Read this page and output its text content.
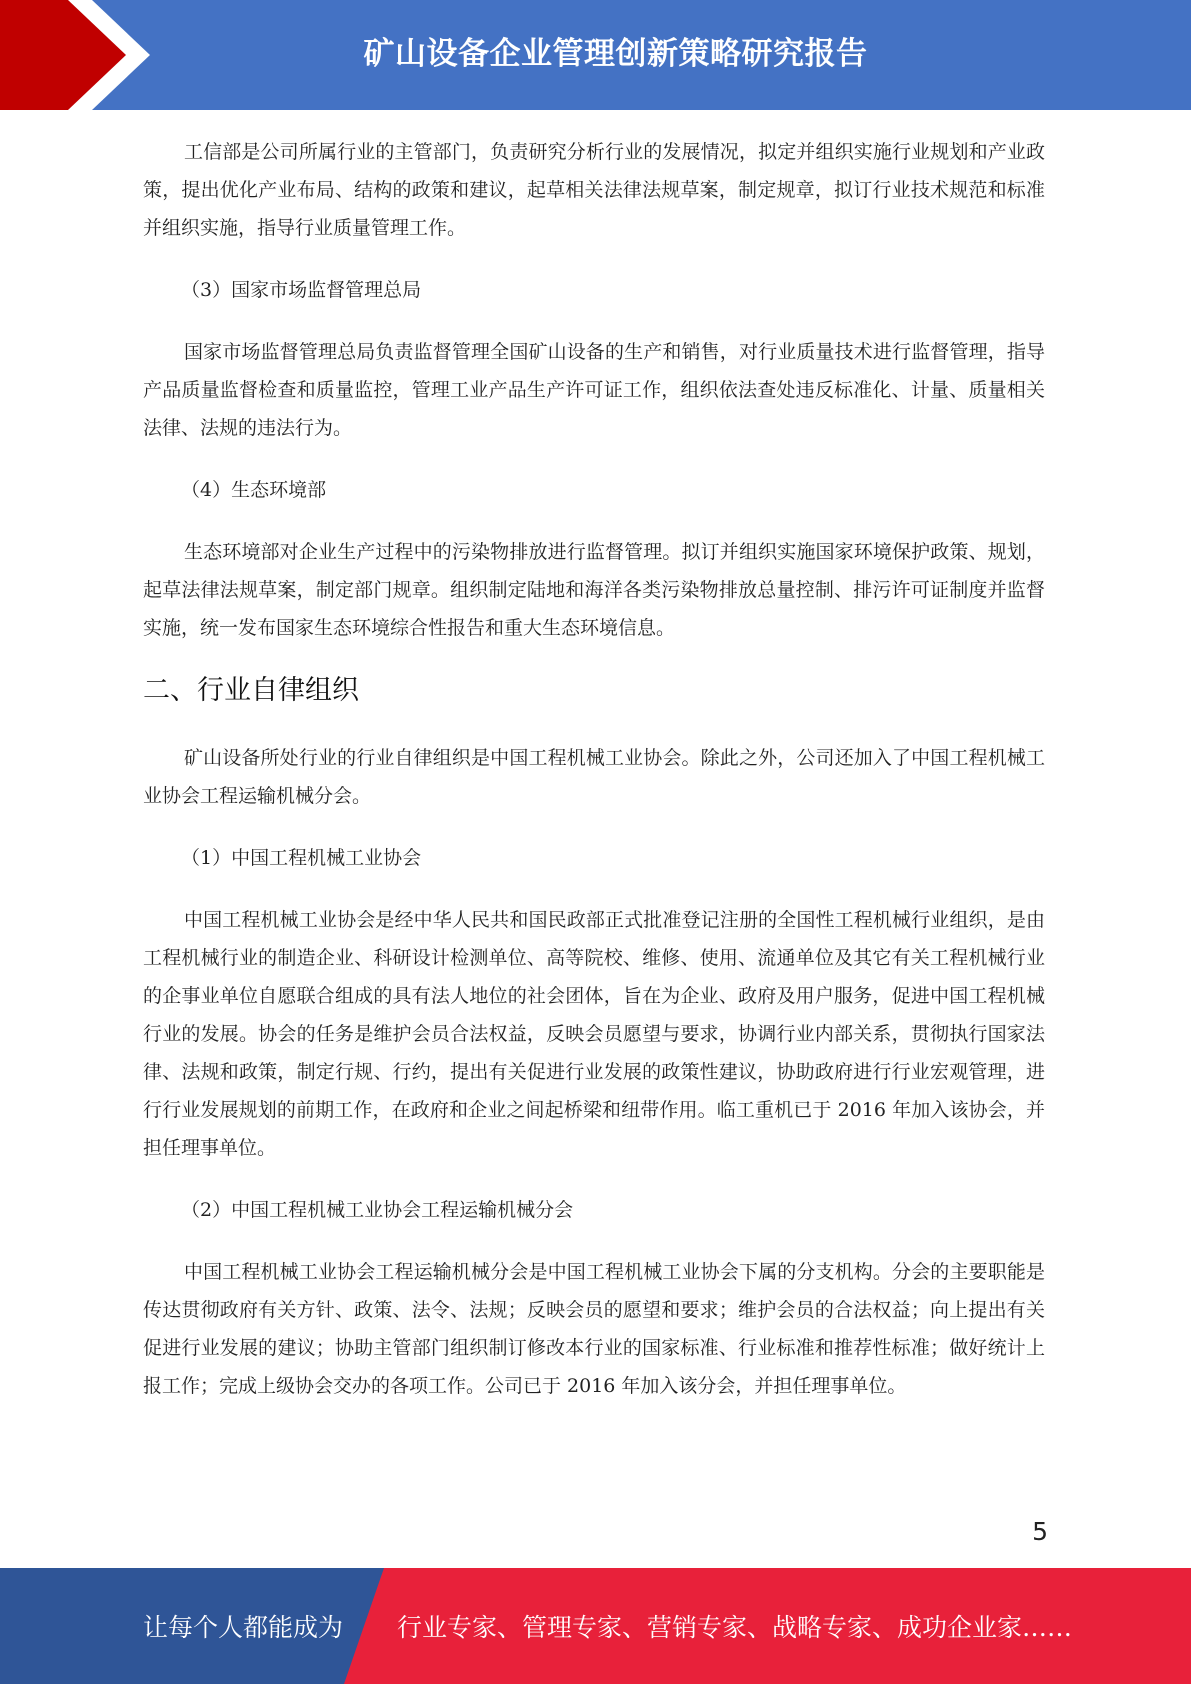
矿山设备企业管理创新策略研究报告

工信部是公司所属行业的主管部门，负责研究分析行业的发展情况，拟定并组织实施行业规划和产业政策，提出优化产业布局、结构的政策和建议，起草相关法律法规草案，制定规章，拟订行业技术规范和标准并组织实施，指导行业质量管理工作。

（3）国家市场监督管理总局

国家市场监督管理总局负责监督管理全国矿山设备的生产和销售，对行业质量技术进行监督管理，指导产品质量监督检查和质量监控，管理工业产品生产许可证工作，组织依法查处违反标准化、计量、质量相关法律、法规的违法行为。

（4）生态环境部

生态环境部对企业生产过程中的污染物排放进行监督管理。拟订并组织实施国家环境保护政策、规划，起草法律法规草案，制定部门规章。组织制定陆地和海洋各类污染物排放总量控制、排污许可证制度并监督实施，统一发布国家生态环境综合性报告和重大生态环境信息。

二、行业自律组织

矿山设备所处行业的行业自律组织是中国工程机械工业协会。除此之外，公司还加入了中国工程机械工业协会工程运输机械分会。

（1）中国工程机械工业协会

中国工程机械工业协会是经中华人民共和国民政部正式批准登记注册的全国性工程机械行业组织，是由工程机械行业的制造企业、科研设计检测单位、高等院校、维修、使用、流通单位及其它有关工程机械行业的企事业单位自愿联合组成的具有法人地位的社会团体，旨在为企业、政府及用户服务，促进中国工程机械行业的发展。协会的任务是维护会员合法权益，反映会员愿望与要求，协调行业内部关系，贯彻执行国家法律、法规和政策，制定行规、行约，提出有关促进行业发展的政策性建议，协助政府进行行业宏观管理，进行行业发展规划的前期工作，在政府和企业之间起桥梁和纽带作用。临工重机已于 2016 年加入该协会，并担任理事单位。

（2）中国工程机械工业协会工程运输机械分会

中国工程机械工业协会工程运输机械分会是中国工程机械工业协会下属的分支机构。分会的主要职能是传达贯彻政府有关方针、政策、法令、法规；反映会员的愿望和要求；维护会员的合法权益；向上提出有关促进行业发展的建议；协助主管部门组织制订修改本行业的国家标准、行业标准和推荐性标准；做好统计上报工作；完成上级协会交办的各项工作。公司已于 2016 年加入该分会，并担任理事单位。

5
让每个人都能成为 行业专家、管理专家、营销专家、战略专家、成功企业家……
